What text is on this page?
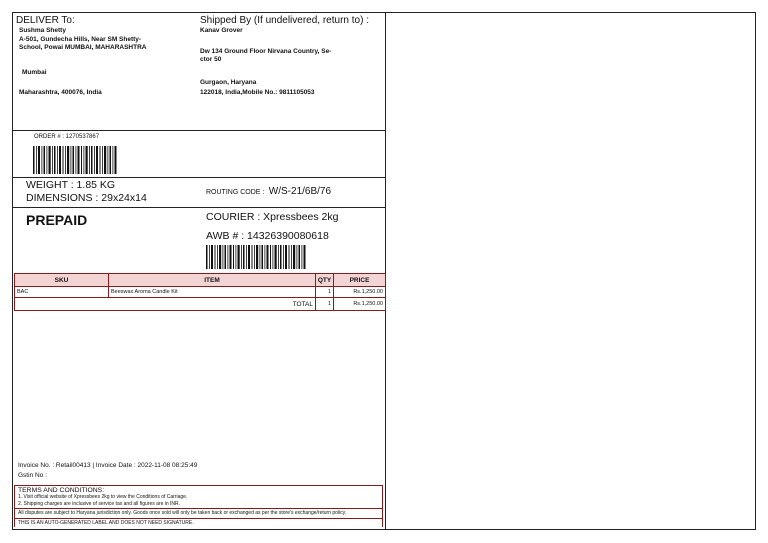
DELIVER To:
Sushma Shetty
A-501, Gundecha Hills, Near SM Shetty-
School, Powai MUMBAI, MAHARASHTRA
Mumbai
Maharashtra, 400076, India
Shipped By (If undelivered, return to) :
Kanav Grover
Dw 134 Ground Floor Nirvana Country, Se-
ctor 50
Gurgaon, Haryana
122018, India,Mobile No.: 9811105053
ORDER # : 1270537867
WEIGHT : 1.85 KG
DIMENSIONS : 29x24x14	ROUTING CODE : W/S-21/6B/76
PREPAID	COURIER : Xpressbees 2kg
AWB # : 14326390080618
SKU	ITEM	QTY	PRICE
BAC	Beeswax Aroma Candle Kit	1	Rs.1,250.00
TOTAL		1	Rs.1,250.00
Invoice No. : Retail00413 | Invoice Date : 2022-11-08 08:25:49
Gstin No :
TERMS AND CONDITIONS:
1. Visit official website of Xpressbees 2kg to view the Conditions of Carriage.
2. Shipping charges are inclusive of service tax and all figures are in INR.
All disputes are subject to Haryana jurisdiction only. Goods once sold will only be taken back or exchanged as per the store's exchange/return policy.
THIS IS AN AUTO-GENERATED LABEL AND DOES NOT NEED SIGNATURE.
